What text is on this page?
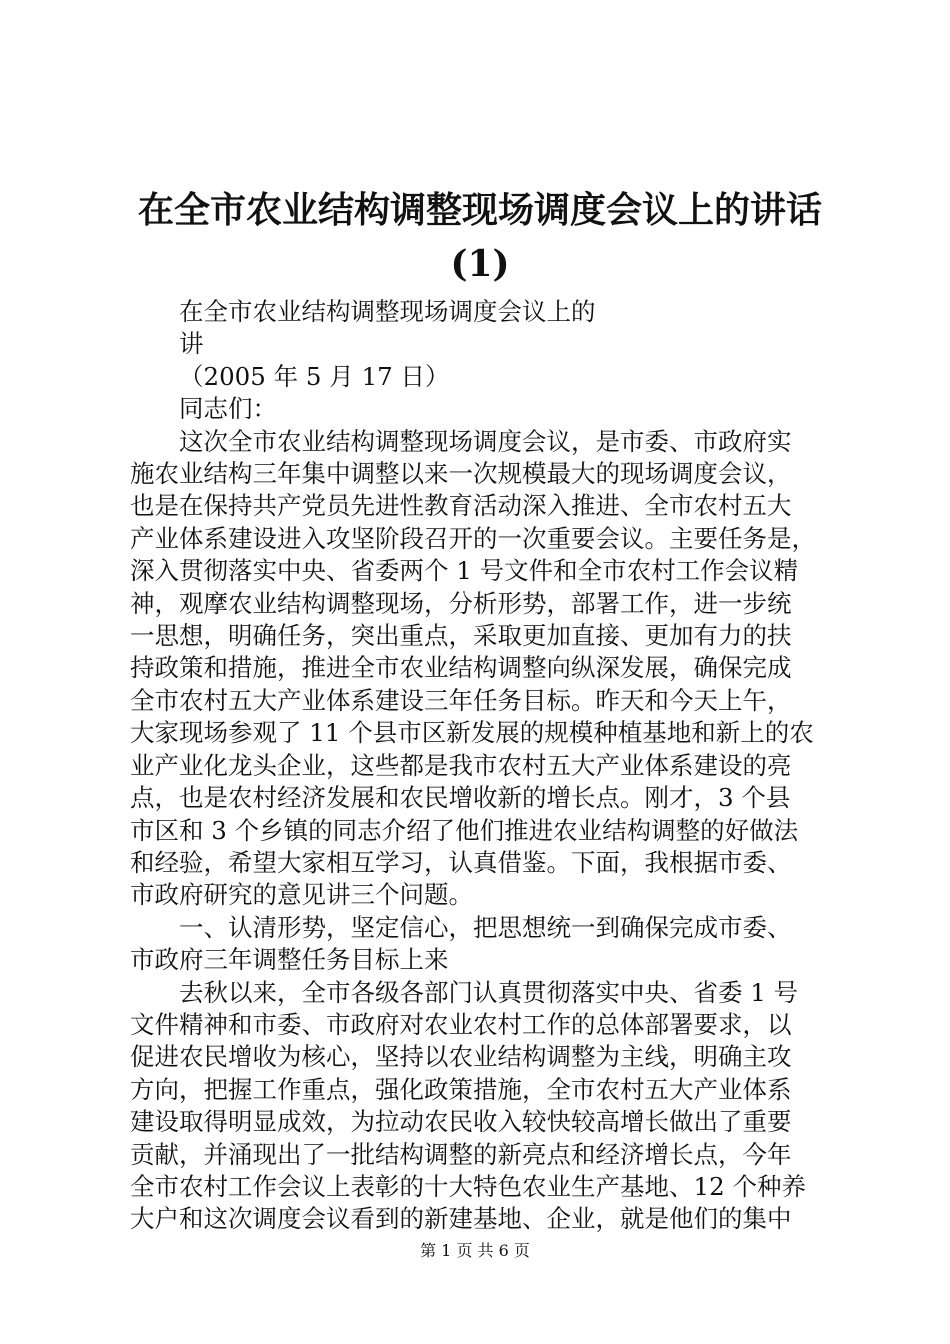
在全市农业结构调整现场调度会议上的讲话
(1)

在全市农业结构调整现场调度会议上的

讲

（2005 年 5 月 17 日）

同志们：

这次全市农业结构调整现场调度会议，是市委、市政府实

施农业结构三年集中调整以来一次规模最大的现场调度会议，

也是在保持共产党员先进性教育活动深入推进、全市农村五大

产业体系建设进入攻坚阶段召开的一次重要会议。主要任务是，

深入贯彻落实中央、省委两个 1 号文件和全市农村工作会议精

神，观摩农业结构调整现场，分析形势，部署工作，进一步统

一思想，明确任务，突出重点，采取更加直接、更加有力的扶

持政策和措施，推进全市农业结构调整向纵深发展，确保完成

全市农村五大产业体系建设三年任务目标。昨天和今天上午，

大家现场参观了 11 个县市区新发展的规模种植基地和新上的农

业产业化龙头企业，这些都是我市农村五大产业体系建设的亮

点，也是农村经济发展和农民增收新的增长点。刚才，3 个县

市区和 3 个乡镇的同志介绍了他们推进农业结构调整的好做法

和经验，希望大家相互学习，认真借鉴。下面，我根据市委、

市政府研究的意见讲三个问题。

一、认清形势，坚定信心，把思想统一到确保完成市委、

市政府三年调整任务目标上来

去秋以来，全市各级各部门认真贯彻落实中央、省委 1 号

文件精神和市委、市政府对农业农村工作的总体部署要求，以

促进农民增收为核心，坚持以农业结构调整为主线，明确主攻

方向，把握工作重点，强化政策措施，全市农村五大产业体系

建设取得明显成效，为拉动农民收入较快较高增长做出了重要

贡献，并涌现出了一批结构调整的新亮点和经济增长点，今年

全市农村工作会议上表彰的十大特色农业生产基地、12 个种养

大户和这次调度会议看到的新建基地、企业，就是他们的集中

第 1 页 共 6 页
